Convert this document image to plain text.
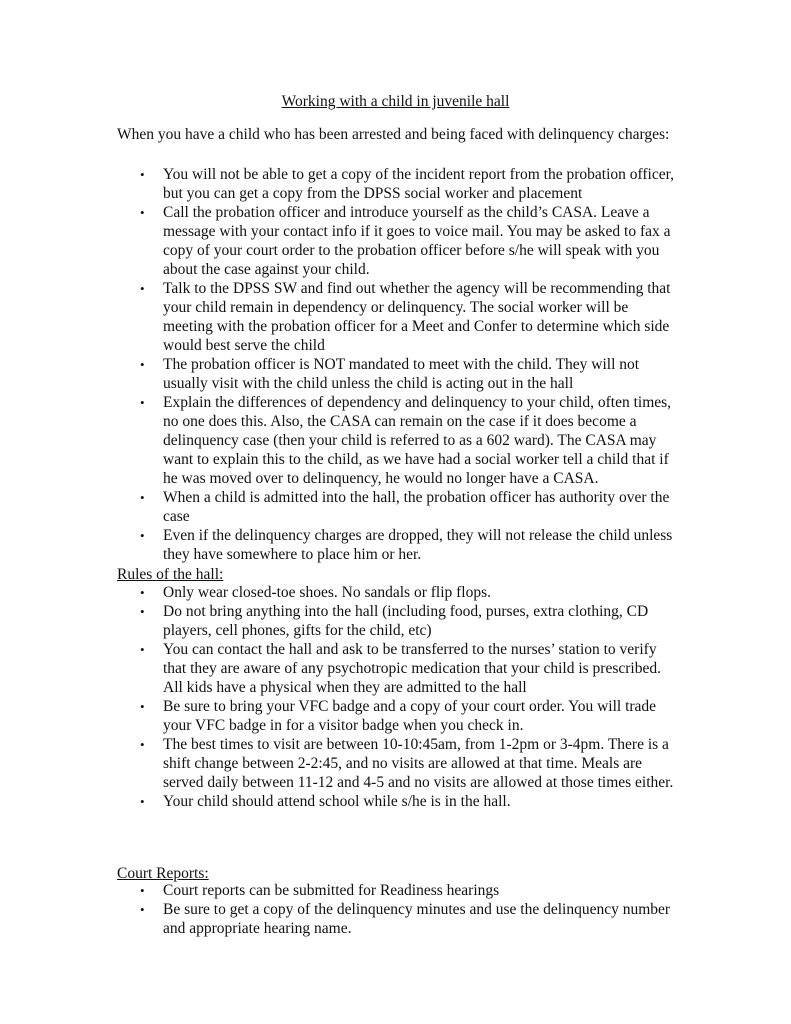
Working with a child in juvenile hall

When you have a child who has been arrested and being faced with delinquency charges:

• You will not be able to get a copy of the incident report from the probation officer, but you can get a copy from the DPSS social worker and placement
• Call the probation officer and introduce yourself as the child’s CASA. Leave a message with your contact info if it goes to voice mail. You may be asked to fax a copy of your court order to the probation officer before s/he will speak with you about the case against your child.
• Talk to the DPSS SW and find out whether the agency will be recommending that your child remain in dependency or delinquency. The social worker will be meeting with the probation officer for a Meet and Confer to determine which side would best serve the child
• The probation officer is NOT mandated to meet with the child. They will not usually visit with the child unless the child is acting out in the hall
• Explain the differences of dependency and delinquency to your child, often times, no one does this. Also, the CASA can remain on the case if it does become a delinquency case (then your child is referred to as a 602 ward). The CASA may want to explain this to the child, as we have had a social worker tell a child that if he was moved over to delinquency, he would no longer have a CASA.
• When a child is admitted into the hall, the probation officer has authority over the case
• Even if the delinquency charges are dropped, they will not release the child unless they have somewhere to place him or her.
Rules of the hall:
• Only wear closed-toe shoes. No sandals or flip flops.
• Do not bring anything into the hall (including food, purses, extra clothing, CD players, cell phones, gifts for the child, etc)
• You can contact the hall and ask to be transferred to the nurses’ station to verify that they are aware of any psychotropic medication that your child is prescribed. All kids have a physical when they are admitted to the hall
• Be sure to bring your VFC badge and a copy of your court order. You will trade your VFC badge in for a visitor badge when you check in.
• The best times to visit are between 10-10:45am, from 1-2pm or 3-4pm. There is a shift change between 2-2:45, and no visits are allowed at that time. Meals are served daily between 11-12 and 4-5 and no visits are allowed at those times either.
• Your child should attend school while s/he is in the hall.
Court Reports:
• Court reports can be submitted for Readiness hearings
• Be sure to get a copy of the delinquency minutes and use the delinquency number and appropriate hearing name.
